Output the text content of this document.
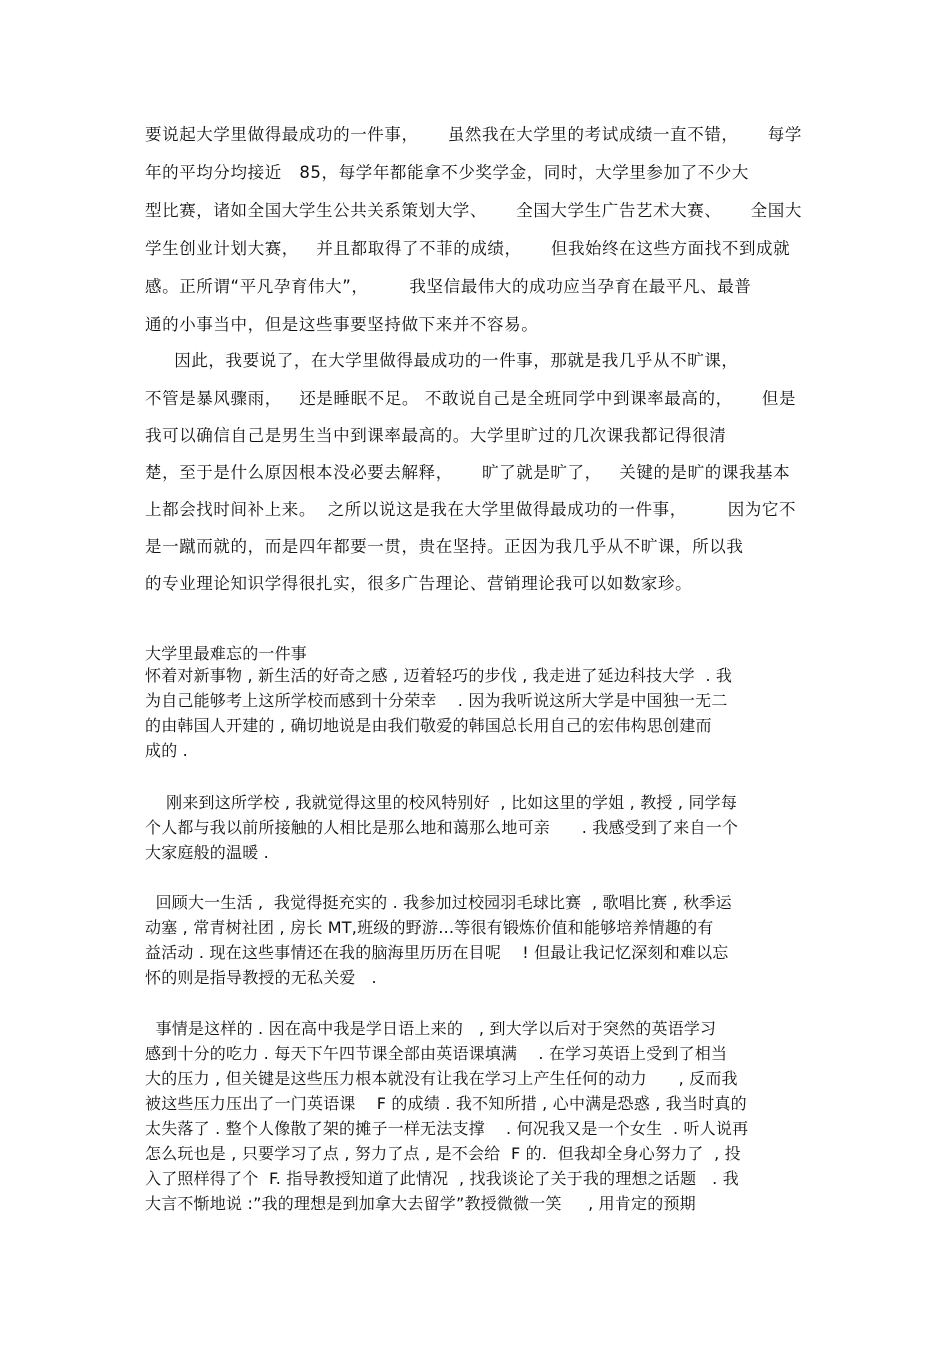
要说起大学里做得最成功的一件事，     虽然我在大学里的考试成绩一直不错，     每学
年的平均分均接近   85，每学年都能拿不少奖学金，同时，大学里参加了不少大
型比赛，诸如全国大学生公共关系策划大学、     全国大学生广告艺术大赛、     全国大
学生创业计划大赛，   并且都取得了不菲的成绩，     但我始终在这些方面找不到成就
感。正所谓“平凡孕育伟大”，       我坚信最伟大的成功应当孕育在最平凡、最普
通的小事当中，但是这些事要坚持做下来并不容易。
因此，我要说了，在大学里做得最成功的一件事，那就是我几乎从不旷课，
不管是暴风骤雨，   还是睡眠不足。 不敢说自己是全班同学中到课率最高的，     但是
我可以确信自己是男生当中到课率最高的。大学里旷过的几次课我都记得很清
楚，至于是什么原因根本没必要去解释，     旷了就是旷了，   关键的是旷的课我基本
上都会找时间补上来。  之所以说这是我在大学里做得最成功的一件事，       因为它不
是一蹴而就的，而是四年都要一贯，贵在坚持。正因为我几乎从不旷课，所以我
的专业理论知识学得很扎实，很多广告理论、营销理论我可以如数家珍。
大学里最难忘的一件事
怀着对新事物 , 新生活的好奇之感 , 迈着轻巧的步伐 , 我走进了延边科技大学  . 我
为自己能够考上这所学校而感到十分荣幸    . 因为我听说这所大学是中国独一无二
的由韩国人开建的 , 确切地说是由我们敬爱的韩国总长用自己的宏伟构思创建而
成的 .
刚来到这所学校 , 我就觉得这里的校风特别好  , 比如这里的学姐 , 教授 , 同学每
个人都与我以前所接触的人相比是那么地和蔼那么地可亲      . 我感受到了来自一个
大家庭般的温暖 .
回顾大一生活 ,  我觉得挺充实的 . 我参加过校园羽毛球比赛  , 歌唱比赛 , 秋季运
动塞 , 常青树社团 , 房长 MT,班级的野游…等很有锻炼价值和能够培养情趣的有
益活动 . 现在这些事情还在我的脑海里历历在目呢    ! 但最让我记忆深刻和难以忘
怀的则是指导教授的无私关爱   .
事情是这样的 . 因在高中我是学日语上来的   , 到大学以后对于突然的英语学习
感到十分的吃力 . 每天下午四节课全部由英语课填满    . 在学习英语上受到了相当
大的压力 , 但关键是这些压力根本就没有让我在学习上产生任何的动力      , 反而我
被这些压力压出了一门英语课    F 的成绩 . 我不知所措 , 心中满是恐惑 , 我当时真的
太失落了 . 整个人像散了架的摊子一样无法支撑    . 何况我又是一个女生  . 听人说再
怎么玩也是 , 只要学习了点 , 努力了点 , 是不会给  F 的.  但我却全身心努力了  , 投
入了照样得了个  F. 指导教授知道了此情况  , 找我谈论了关于我的理想之话题   . 我
大言不惭地说 :”我的理想是到加拿大去留学”教授微微一笑     , 用肯定的预期
